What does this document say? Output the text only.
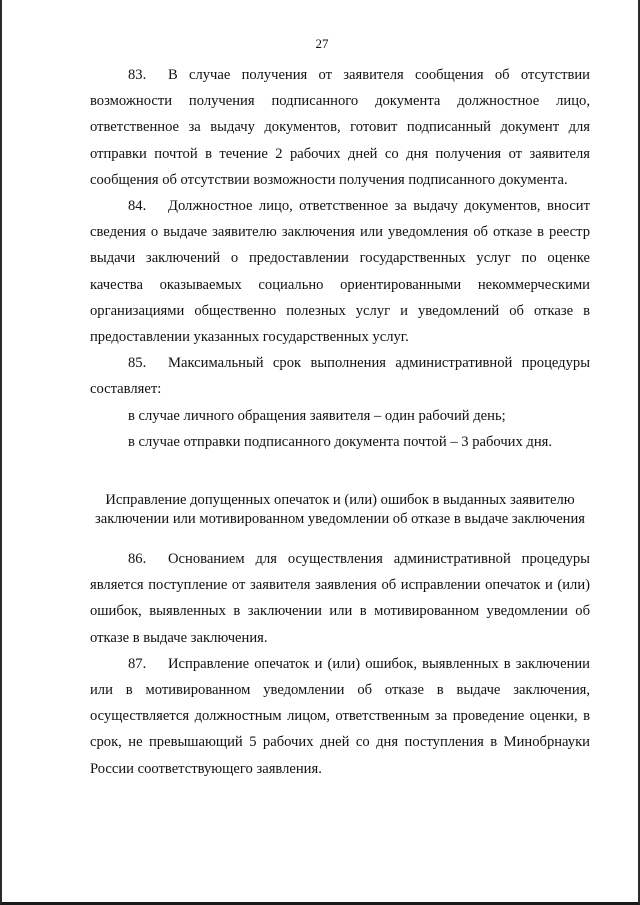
27

83. В случае получения от заявителя сообщения об отсутствии возможности получения подписанного документа должностное лицо, ответственное за выдачу документов, готовит подписанный документ для отправки почтой в течение 2 рабочих дней со дня получения от заявителя сообщения об отсутствии возможности получения подписанного документа.

84. Должностное лицо, ответственное за выдачу документов, вносит сведения о выдаче заявителю заключения или уведомления об отказе в реестр выдачи заключений о предоставлении государственных услуг по оценке качества оказываемых социально ориентированными некоммерческими организациями общественно полезных услуг и уведомлений об отказе в предоставлении указанных государственных услуг.

85. Максимальный срок выполнения административной процедуры составляет:

в случае личного обращения заявителя – один рабочий день;

в случае отправки подписанного документа почтой – 3 рабочих дня.

Исправление допущенных опечаток и (или) ошибок в выданных заявителю заключении или мотивированном уведомлении об отказе в выдаче заключения

86. Основанием для осуществления административной процедуры является поступление от заявителя заявления об исправлении опечаток и (или) ошибок, выявленных в заключении или в мотивированном уведомлении об отказе в выдаче заключения.

87. Исправление опечаток и (или) ошибок, выявленных в заключении или в мотивированном уведомлении об отказе в выдаче заключения, осуществляется должностным лицом, ответственным за проведение оценки, в срок, не превышающий 5 рабочих дней со дня поступления в Минобрнауки России соответствующего заявления.
